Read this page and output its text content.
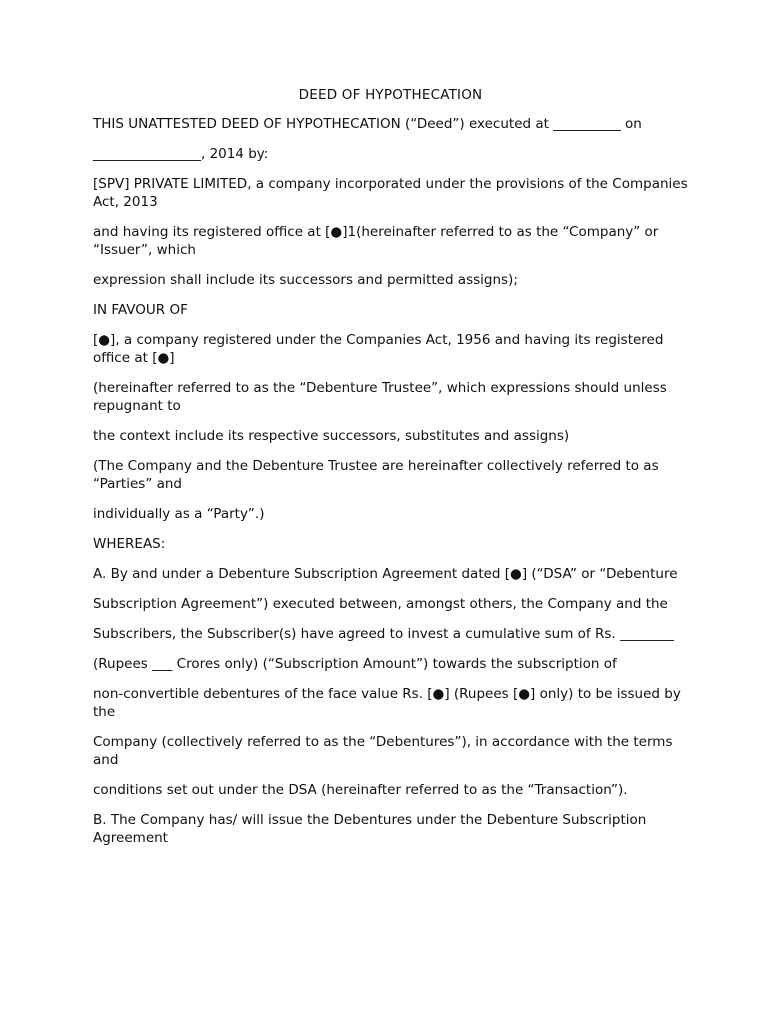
DEED OF HYPOTHECATION

THIS UNATTESTED DEED OF HYPOTHECATION (“Deed”) executed at __________ on

________________, 2014 by:

[SPV] PRIVATE LIMITED, a company incorporated under the provisions of the Companies Act, 2013

and having its registered office at [●]1(hereinafter referred to as the “Company” or “Issuer”, which

expression shall include its successors and permitted assigns);

IN FAVOUR OF

[●], a company registered under the Companies Act, 1956 and having its registered office at [●]

(hereinafter referred to as the “Debenture Trustee”, which expressions should unless repugnant to

the context include its respective successors, substitutes and assigns)

(The Company and the Debenture Trustee are hereinafter collectively referred to as “Parties” and

individually as a “Party”.)

WHEREAS:

A. By and under a Debenture Subscription Agreement dated [●] (“DSA” or “Debenture

Subscription Agreement”) executed between, amongst others, the Company and the

Subscribers, the Subscriber(s) have agreed to invest a cumulative sum of Rs. ________

(Rupees ___ Crores only) (“Subscription Amount”) towards the subscription of

non-convertible debentures of the face value Rs. [●] (Rupees [●] only) to be issued by the

Company (collectively referred to as the “Debentures”), in accordance with the terms and

conditions set out under the DSA (hereinafter referred to as the “Transaction”).

B. The Company has/ will issue the Debentures under the Debenture Subscription Agreement
